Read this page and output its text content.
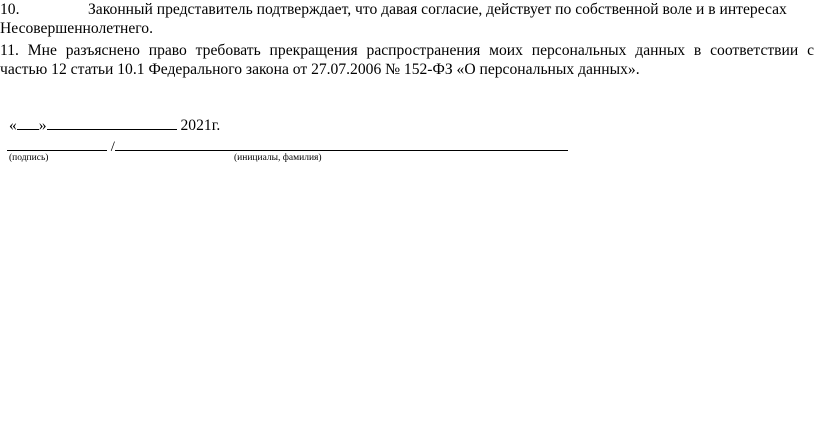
10.	Законный представитель подтверждает, что давая согласие, действует по собственной воле и в интересах
Несовершеннолетнего.
11. Мне разъяснено право требовать прекращения распространения моих персональных данных в соответствии с
частью 12 статьи 10.1 Федерального закона от 27.07.2006 № 152-ФЗ «О персональных данных».
« »	2021г.
/
(подпись)	(инициалы, фамилия)
